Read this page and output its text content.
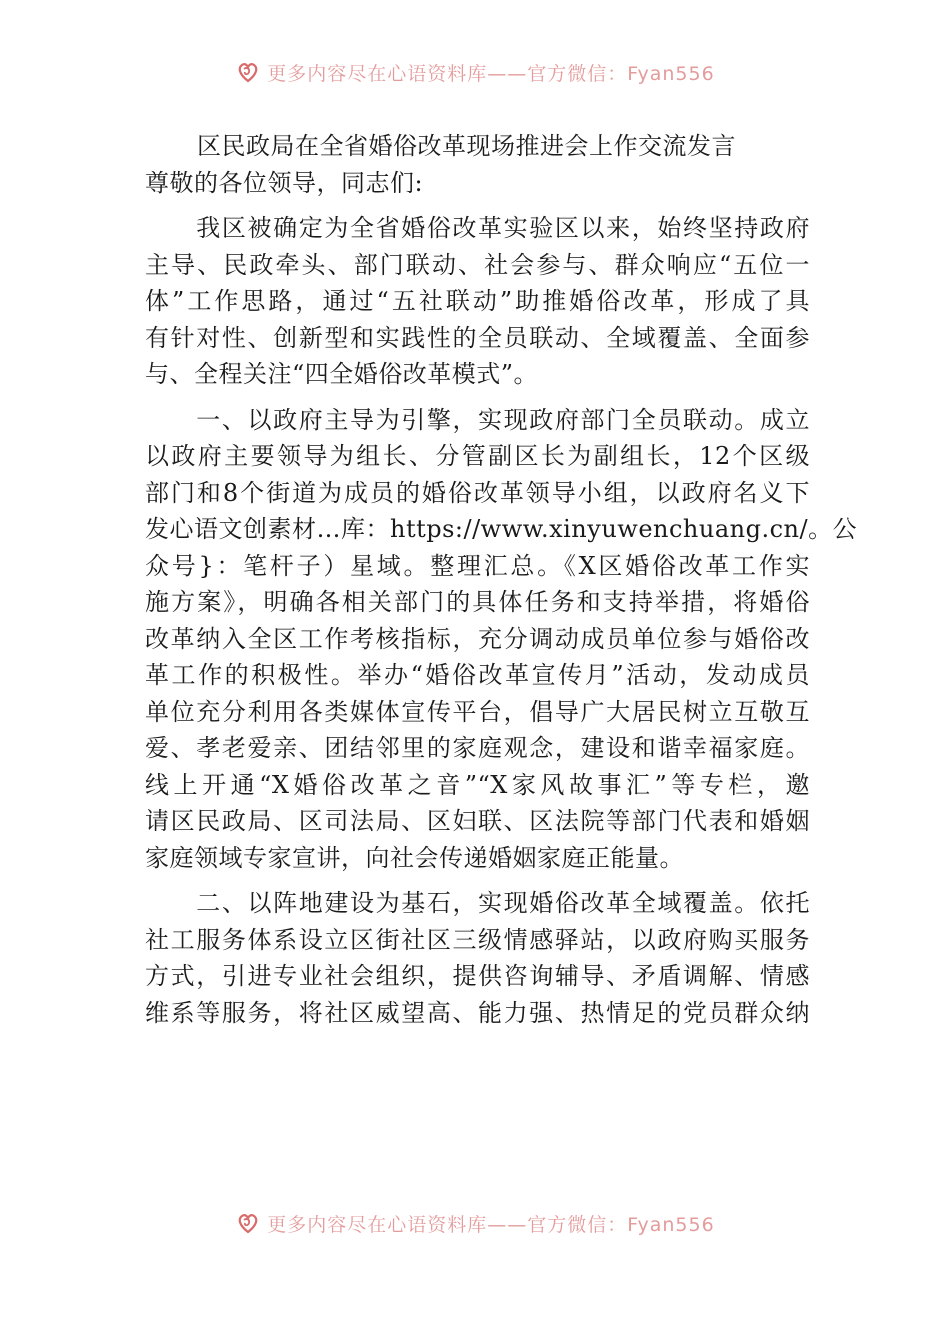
更多内容尽在心语资料库——官方微信：Fyan556
区民政局在全省婚俗改革现场推进会上作交流发言
尊敬的各位领导，同志们:
　　我区被确定为全省婚俗改革实验区以来，始终坚持政府
主导、民政牵头、部门联动、社会参与、群众响应“五位一
体”工作思路，通过“五社联动”助推婚俗改革，形成了具
有针对性、创新型和实践性的全员联动、全域覆盖、全面参
与、全程关注“四全婚俗改革模式”。
　　一、以政府主导为引擎，实现政府部门全员联动。成立
以政府主要领导为组长、分管副区长为副组长，12个区级
部门和8个街道为成员的婚俗改革领导小组，以政府名义下
发心语文创素材…库：https://www.xinyuwenchuang.cn/。公
众号}：笔杆子）星域。整理汇总。《X区婚俗改革工作实
施方案》，明确各相关部门的具体任务和支持举措，将婚俗
改革纳入全区工作考核指标，充分调动成员单位参与婚俗改
革工作的积极性。举办“婚俗改革宣传月”活动，发动成员
单位充分利用各类媒体宣传平台，倡导广大居民树立互敬互
爱、孝老爱亲、团结邻里的家庭观念，建设和谐幸福家庭。
线上开通“X婚俗改革之音”“X家风故事汇”等专栏，邀
请区民政局、区司法局、区妇联、区法院等部门代表和婚姻
家庭领域专家宣讲，向社会传递婚姻家庭正能量。
　　二、以阵地建设为基石，实现婚俗改革全域覆盖。依托
社工服务体系设立区街社区三级情感驿站，以政府购买服务
方式，引进专业社会组织，提供咨询辅导、矛盾调解、情感
维系等服务，将社区威望高、能力强、热情足的党员群众纳
更多内容尽在心语资料库——官方微信：Fyan556
